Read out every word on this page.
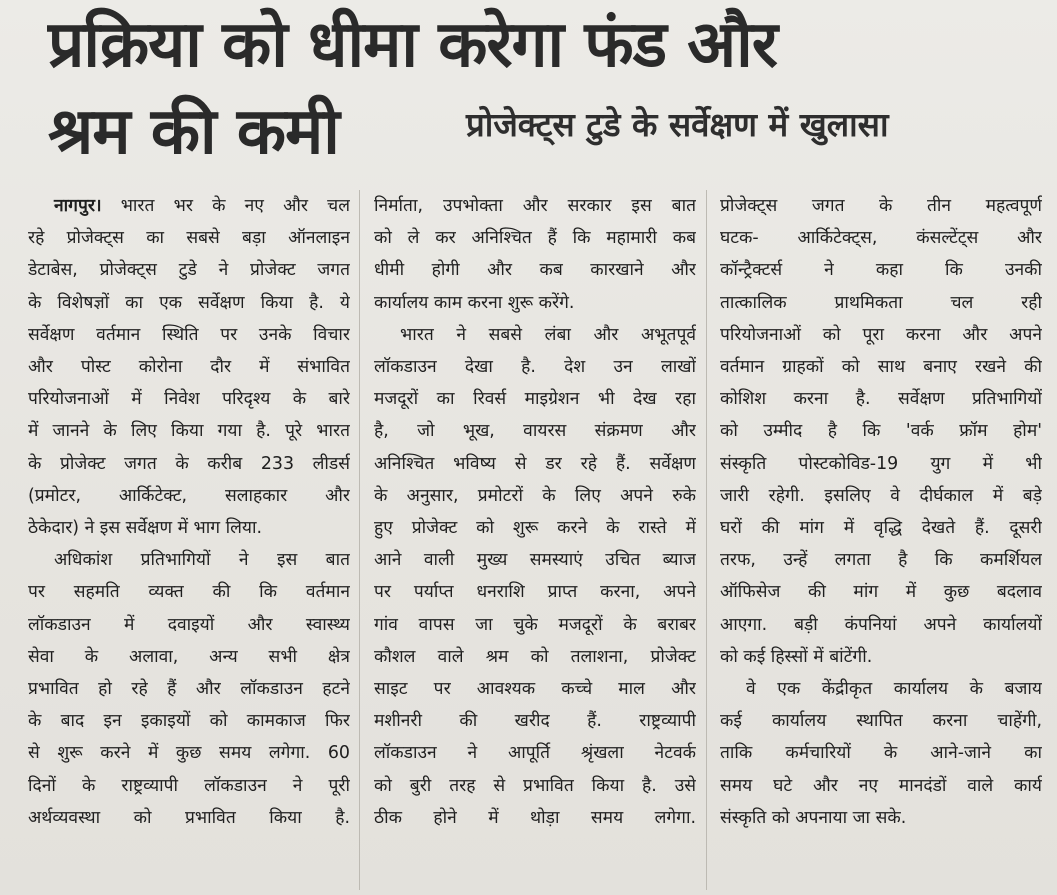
प्रक्रिया को धीमा करेगा फंड और
श्रम की कमी	प्रोजेक्ट्स टुडे के सर्वेक्षण में खुलासा
नागपुर। भारत भर के नए और चल
रहे प्रोजेक्ट्स का सबसे बड़ा ऑनलाइन
डेटाबेस, प्रोजेक्ट्स टुडे ने प्रोजेक्ट जगत
के विशेषज्ञों का एक सर्वेक्षण किया है. ये
सर्वेक्षण वर्तमान स्थिति पर उनके विचार
और पोस्ट कोरोना दौर में संभावित
परियोजनाओं में निवेश परिदृश्य के बारे
में जानने के लिए किया गया है. पूरे भारत
के प्रोजेक्ट जगत के करीब 233 लीडर्स
(प्रमोटर, आर्किटेक्ट, सलाहकार और
ठेकेदार) ने इस सर्वेक्षण में भाग लिया.
अधिकांश प्रतिभागियों ने इस बात
पर सहमति व्यक्त की कि वर्तमान
लॉकडाउन में दवाइयों और स्वास्थ्य
सेवा के अलावा, अन्य सभी क्षेत्र
प्रभावित हो रहे हैं और लॉकडाउन हटने
के बाद इन इकाइयों को कामकाज फिर
से शुरू करने में कुछ समय लगेगा. 60
दिनों के राष्ट्रव्यापी लॉकडाउन ने पूरी
अर्थव्यवस्था को प्रभावित किया है.
निर्माता, उपभोक्ता और सरकार इस बात
को ले कर अनिश्चित हैं कि महामारी कब
धीमी होगी और कब कारखाने और
कार्यालय काम करना शुरू करेंगे.
भारत ने सबसे लंबा और अभूतपूर्व
लॉकडाउन देखा है. देश उन लाखों
मजदूरों का रिवर्स माइग्रेशन भी देख रहा
है, जो भूख, वायरस संक्रमण और
अनिश्चित भविष्य से डर रहे हैं. सर्वेक्षण
के अनुसार, प्रमोटरों के लिए अपने रुके
हुए प्रोजेक्ट को शुरू करने के रास्ते में
आने वाली मुख्य समस्याएं उचित ब्याज
पर पर्याप्त धनराशि प्राप्त करना, अपने
गांव वापस जा चुके मजदूरों के बराबर
कौशल वाले श्रम को तलाशना, प्रोजेक्ट
साइट पर आवश्यक कच्चे माल और
मशीनरी की खरीद हैं. राष्ट्रव्यापी
लॉकडाउन ने आपूर्ति श्रृंखला नेटवर्क
को बुरी तरह से प्रभावित किया है. उसे
ठीक होने में थोड़ा समय लगेगा.
प्रोजेक्ट्स जगत के तीन महत्वपूर्ण
घटक- आर्किटेक्ट्स, कंसल्टेंट्स और
कॉन्ट्रैक्टर्स ने कहा कि उनकी
तात्कालिक प्राथमिकता चल रही
परियोजनाओं को पूरा करना और अपने
वर्तमान ग्राहकों को साथ बनाए रखने की
कोशिश करना है. सर्वेक्षण प्रतिभागियों
को उम्मीद है कि 'वर्क फ्रॉम होम'
संस्कृति पोस्टकोविड-19 युग में भी
जारी रहेगी. इसलिए वे दीर्घकाल में बड़े
घरों की मांग में वृद्धि देखते हैं. दूसरी
तरफ, उन्हें लगता है कि कमर्शियल
ऑफिसेज की मांग में कुछ बदलाव
आएगा. बड़ी कंपनियां अपने कार्यालयों
को कई हिस्सों में बांटेंगी.
वे एक केंद्रीकृत कार्यालय के बजाय
कई कार्यालय स्थापित करना चाहेंगी,
ताकि कर्मचारियों के आने-जाने का
समय घटे और नए मानदंडों वाले कार्य
संस्कृति को अपनाया जा सके.
